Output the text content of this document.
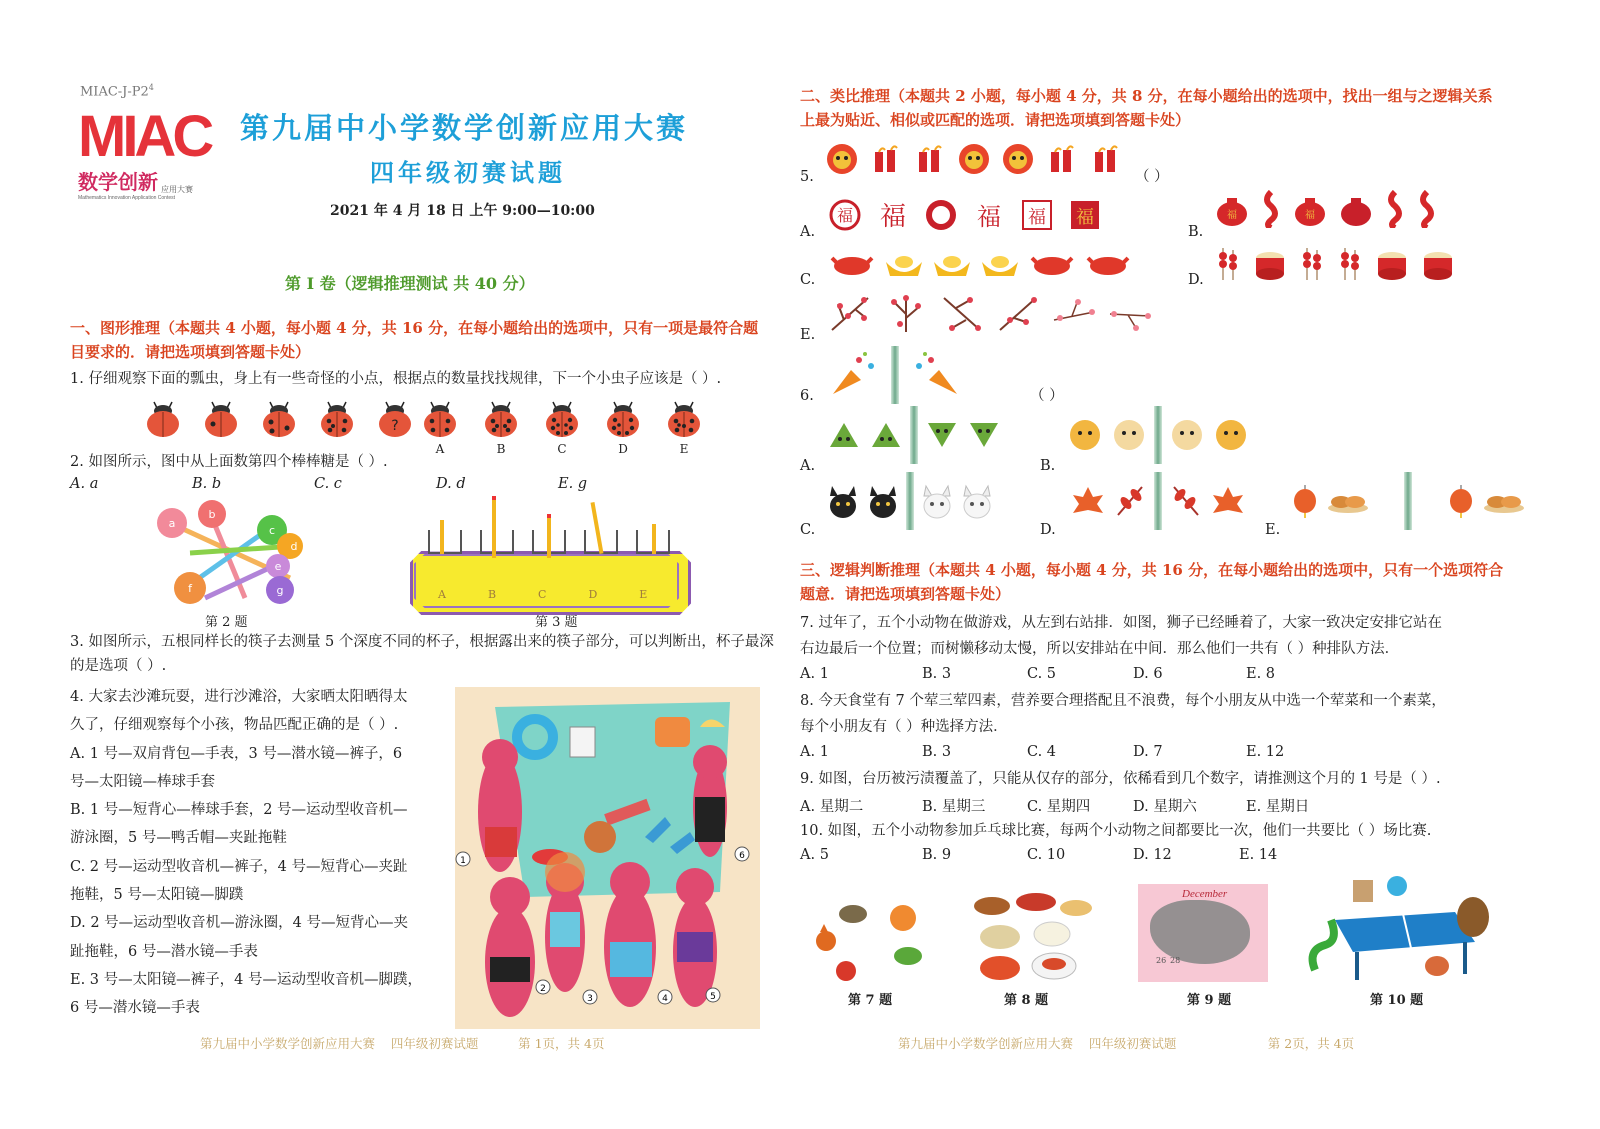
MIAC-$J-P2^4$
MIAC
数学创新 应用大赛
Mathematics Innovation Application Contest
第九届中小学数学创新应用大赛
四年级初赛试题
2021 年 4 月 18 日 上午 9:00—10:00
第 I 卷（逻辑推理测试 共 40 分）
一、图形推理（本题共 4 小题，每小题 4 分，共 16 分，在每小题给出的选项中，只有一项是最符合题目要求的．请把选项填到答题卡处）
1. 仔细观察下面的瓢虫，身上有一些奇怪的小点，根据点的数量找找规律，下一个小虫子应该是（ ）.
?
A	B	C	D	E
2. 如图所示，图中从上面数第四个棒棒糖是（ ）.
A. a	B. b	C. c	D. d	E. g
a
b
c
d
e
f	g
第 2 题
A	B	C	D	E
第 3 题
3. 如图所示，五根同样长的筷子去测量 5 个深度不同的杯子，根据露出来的筷子部分，可以判断出，杯子最深的是选项（ ）.
4. 大家去沙滩玩耍，进行沙滩浴，大家晒太阳晒得太
久了，仔细观察每个小孩，物品匹配正确的是（ ）.
A. 1 号—双肩背包—手表，3 号—潜水镜—裤子，6
号—太阳镜—棒球手套
B. 1 号—短背心—棒球手套，2 号—运动型收音机—
游泳圈，5 号—鸭舌帽—夹趾拖鞋
C. 2 号—运动型收音机—裤子，4 号—短背心—夹趾
拖鞋，5 号—太阳镜—脚蹼
D. 2 号—运动型收音机—游泳圈，4 号—短背心—夹
趾拖鞋，6 号—潜水镜—手表
E. 3 号—太阳镜—裤子，4 号—运动型收音机—脚蹼，
6 号—潜水镜—手表
1
2
3	4	5
6
第九届中小学数学创新应用大赛    四年级初赛试题          第 1页，共 4页
二、类比推理（本题共 2 小题，每小题 4 分，共 8 分，在每小题给出的选项中，找出一组与之逻辑关系上最为贴近、相似或匹配的选项．请把选项填到答题卡处）
5.	（ ）
A.
福 福	福 福 福
B.
福	福
C.	D.
E.
6.	（ ）
A.	B.
C.	D.	E.
三、逻辑判断推理（本题共 4 小题，每小题 4 分，共 16 分，在每小题给出的选项中，只有一个选项符合题意．请把选项填到答题卡处）
7. 过年了，五个小动物在做游戏，从左到右站排．如图，狮子已经睡着了，大家一致决定安排它站在
右边最后一个位置；而树懒移动太慢，所以安排站在中间．那么他们一共有（ ）种排队方法．
A. 1	B. 3	C. 5	D. 6	E. 8
8. 今天食堂有 7 个荤三荤四素，营养要合理搭配且不浪费，每个小朋友从中选一个荤菜和一个素菜，
每个小朋友有（ ）种选择方法．
A. 1	B. 3	C. 4	D. 7	E. 12
9. 如图，台历被污渍覆盖了，只能从仅存的部分，依稀看到几个数字，请推测这个月的 1 号是（ ）.
A. 星期二	B. 星期三	C. 星期四	D. 星期六	E. 星期日
10. 如图，五个小动物参加乒乓球比赛，每两个小动物之间都要比一次，他们一共要比（ ）场比赛.
A. 5	B. 9	C. 10	D. 12	E. 14
第 7 题	第 8 题
December
26 28
第 9 题	第 10 题
第九届中小学数学创新应用大赛    四年级初赛试题                       第 2页，共 4页
